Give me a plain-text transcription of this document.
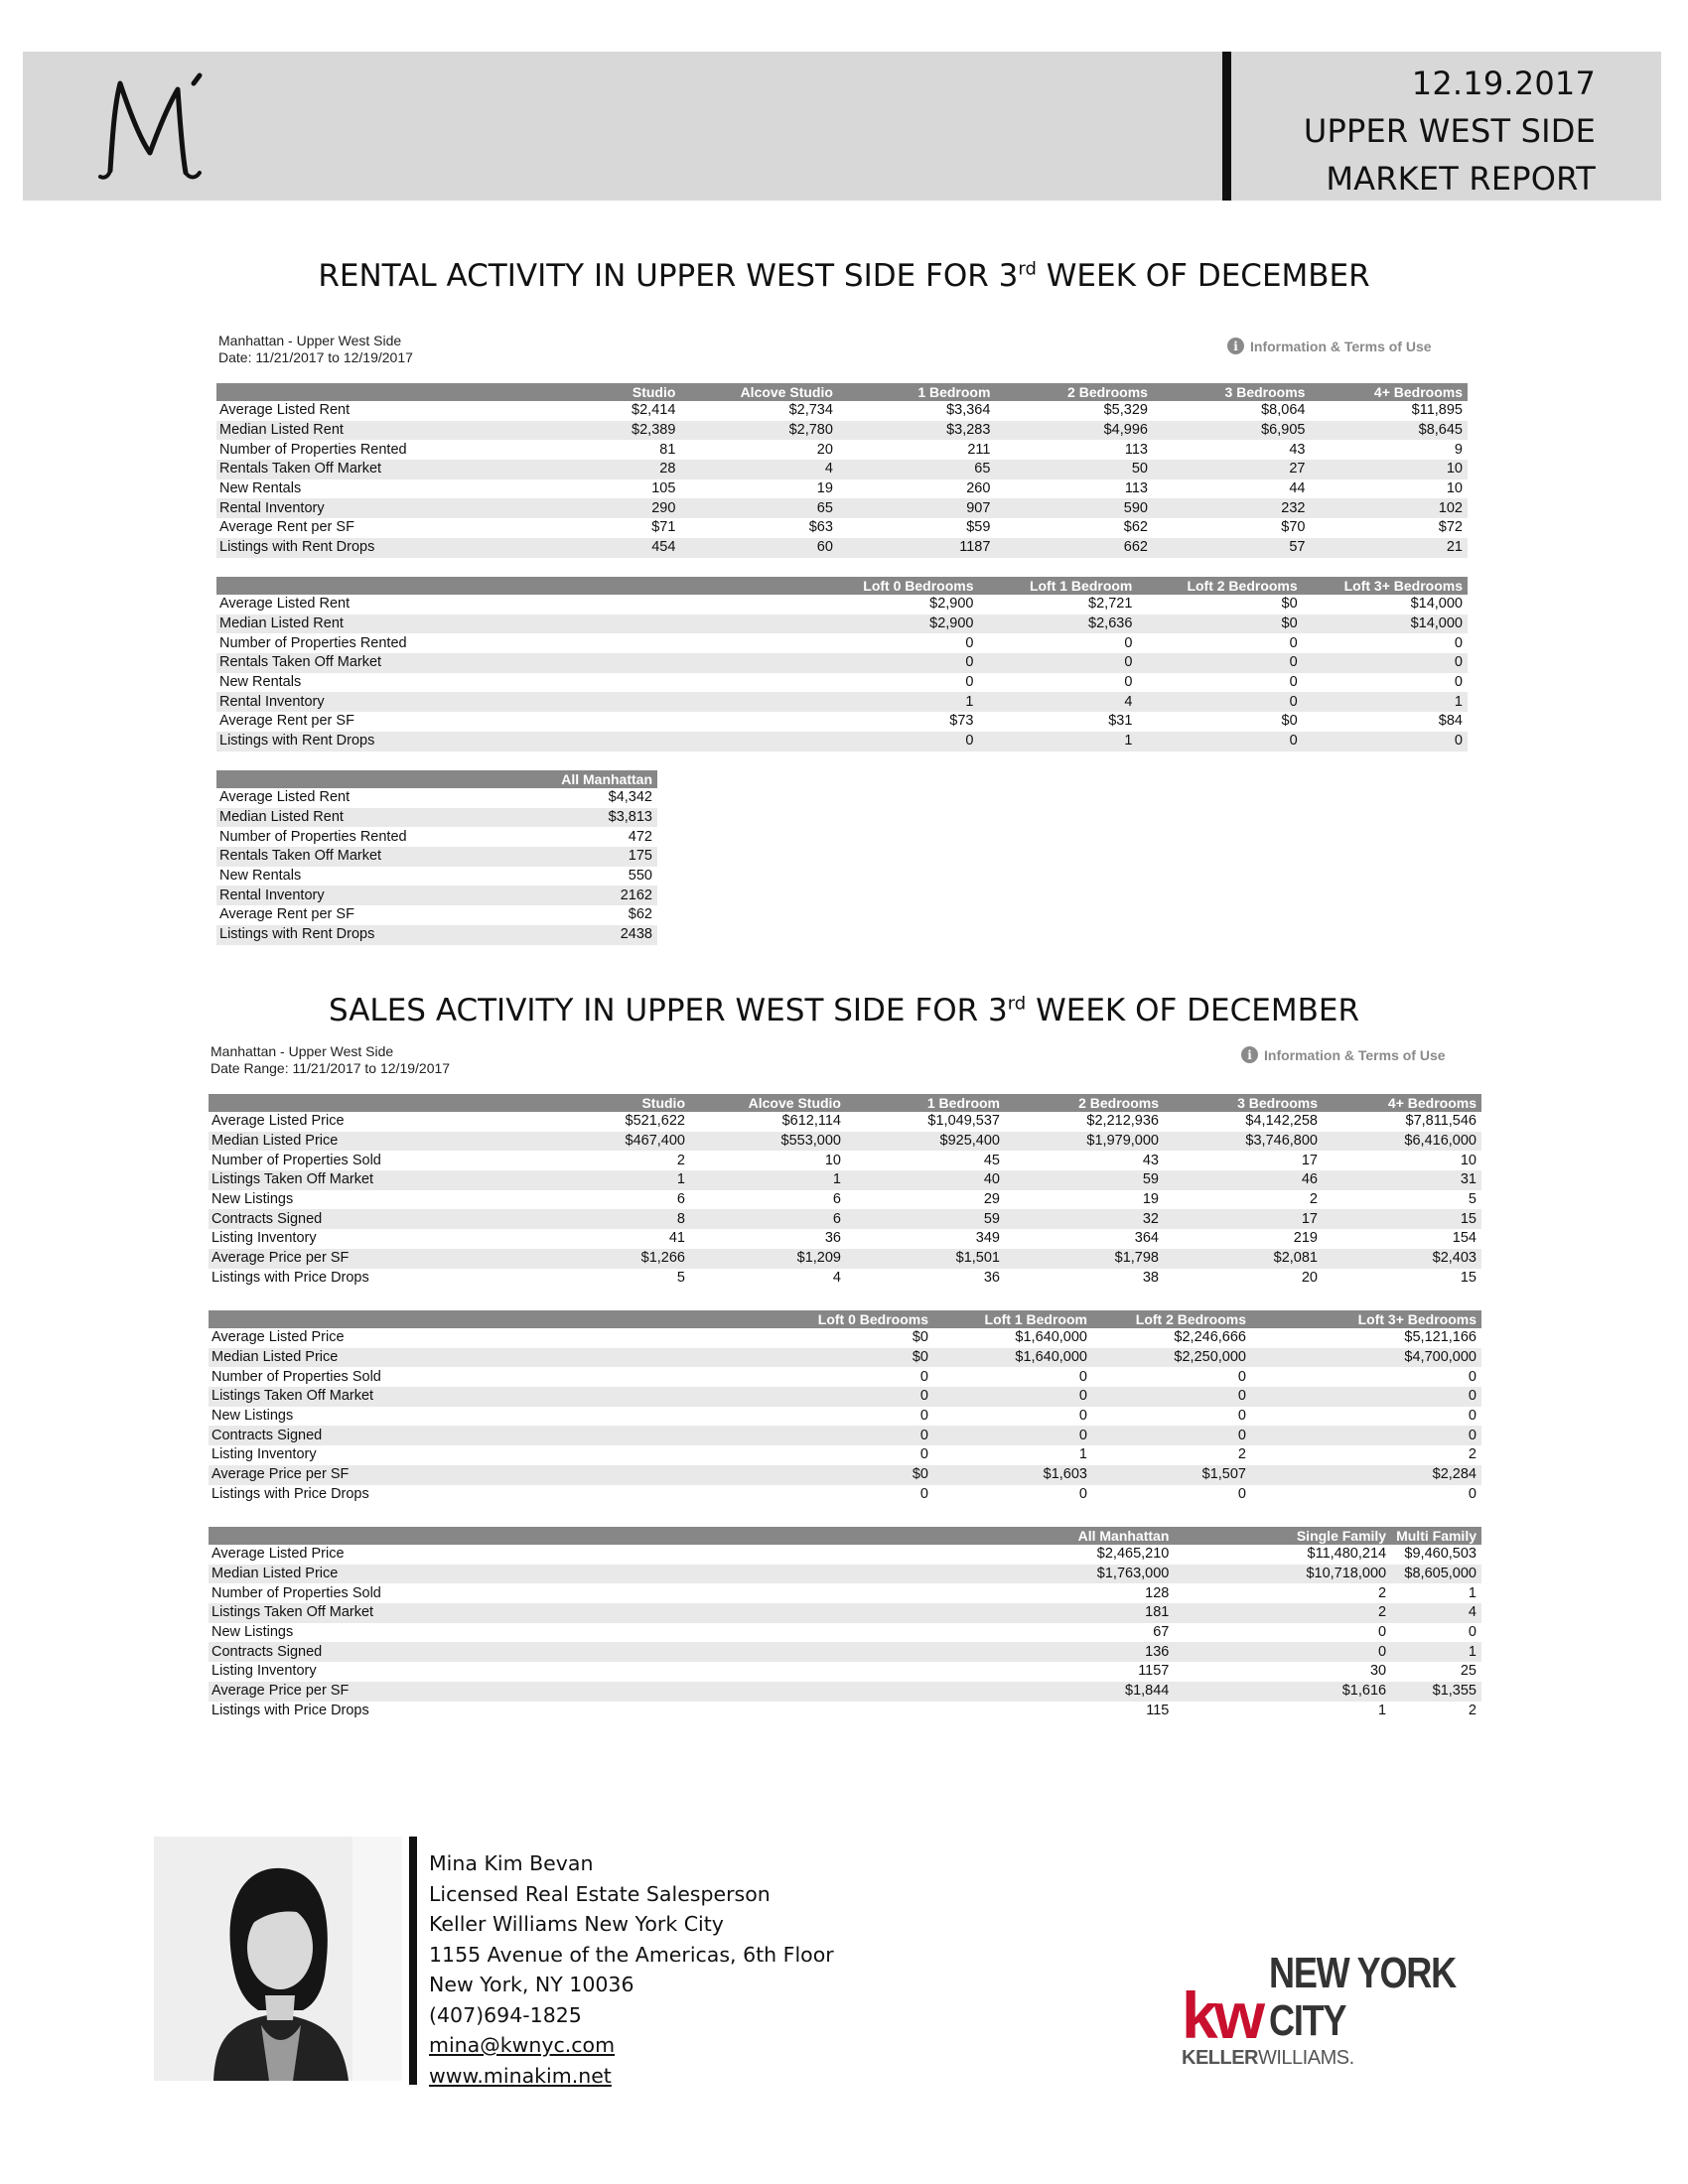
12.19.2017
UPPER WEST SIDE
MARKET REPORT
RENTAL ACTIVITY IN UPPER WEST SIDE FOR 3rd WEEK OF DECEMBER
Manhattan - Upper West Side
Date: 11/21/2017 to 12/19/2017
i Information & Terms of Use
	Studio	Alcove Studio	1 Bedroom	2 Bedrooms	3 Bedrooms	4+ Bedrooms
Average Listed Rent	$2,414	$2,734	$3,364	$5,329	$8,064	$11,895
Median Listed Rent	$2,389	$2,780	$3,283	$4,996	$6,905	$8,645
Number of Properties Rented	81	20	211	113	43	9
Rentals Taken Off Market	28	4	65	50	27	10
New Rentals	105	19	260	113	44	10
Rental Inventory	290	65	907	590	232	102
Average Rent per SF	$71	$63	$59	$62	$70	$72
Listings with Rent Drops	454	60	1187	662	57	21
	Loft 0 Bedrooms	Loft 1 Bedroom	Loft 2 Bedrooms	Loft 3+ Bedrooms
Average Listed Rent	$2,900	$2,721	$0	$14,000
Median Listed Rent	$2,900	$2,636	$0	$14,000
Number of Properties Rented	0	0	0	0
Rentals Taken Off Market	0	0	0	0
New Rentals	0	0	0	0
Rental Inventory	1	4	0	1
Average Rent per SF	$73	$31	$0	$84
Listings with Rent Drops	0	1	0	0
	All Manhattan
Average Listed Rent	$4,342
Median Listed Rent	$3,813
Number of Properties Rented	472
Rentals Taken Off Market	175
New Rentals	550
Rental Inventory	2162
Average Rent per SF	$62
Listings with Rent Drops	2438
SALES ACTIVITY IN UPPER WEST SIDE FOR 3rd WEEK OF DECEMBER
Manhattan - Upper West Side
Date Range: 11/21/2017 to 12/19/2017
i Information & Terms of Use
	Studio	Alcove Studio	1 Bedroom	2 Bedrooms	3 Bedrooms	4+ Bedrooms
Average Listed Price	$521,622	$612,114	$1,049,537	$2,212,936	$4,142,258	$7,811,546
Median Listed Price	$467,400	$553,000	$925,400	$1,979,000	$3,746,800	$6,416,000
Number of Properties Sold	2	10	45	43	17	10
Listings Taken Off Market	1	1	40	59	46	31
New Listings	6	6	29	19	2	5
Contracts Signed	8	6	59	32	17	15
Listing Inventory	41	36	349	364	219	154
Average Price per SF	$1,266	$1,209	$1,501	$1,798	$2,081	$2,403
Listings with Price Drops	5	4	36	38	20	15
	Loft 0 Bedrooms	Loft 1 Bedroom	Loft 2 Bedrooms	Loft 3+ Bedrooms
Average Listed Price	$0	$1,640,000	$2,246,666	$5,121,166
Median Listed Price	$0	$1,640,000	$2,250,000	$4,700,000
Number of Properties Sold	0	0	0	0
Listings Taken Off Market	0	0	0	0
New Listings	0	0	0	0
Contracts Signed	0	0	0	0
Listing Inventory	0	1	2	2
Average Price per SF	$0	$1,603	$1,507	$2,284
Listings with Price Drops	0	0	0	0
	All Manhattan	Single Family	Multi Family
Average Listed Price	$2,465,210	$11,480,214	$9,460,503
Median Listed Price	$1,763,000	$10,718,000	$8,605,000
Number of Properties Sold	128	2	1
Listings Taken Off Market	181	2	4
New Listings	67	0	0
Contracts Signed	136	0	1
Listing Inventory	1157	30	25
Average Price per SF	$1,844	$1,616	$1,355
Listings with Price Drops	115	1	2
Mina Kim Bevan
Licensed Real Estate Salesperson
Keller Williams New York City
1155 Avenue of the Americas, 6th Floor
New York, NY 10036
(407)694-1825
mina@kwnyc.com
www.minakim.net
kw
NEW YORK CITY
KELLERWILLIAMS.
